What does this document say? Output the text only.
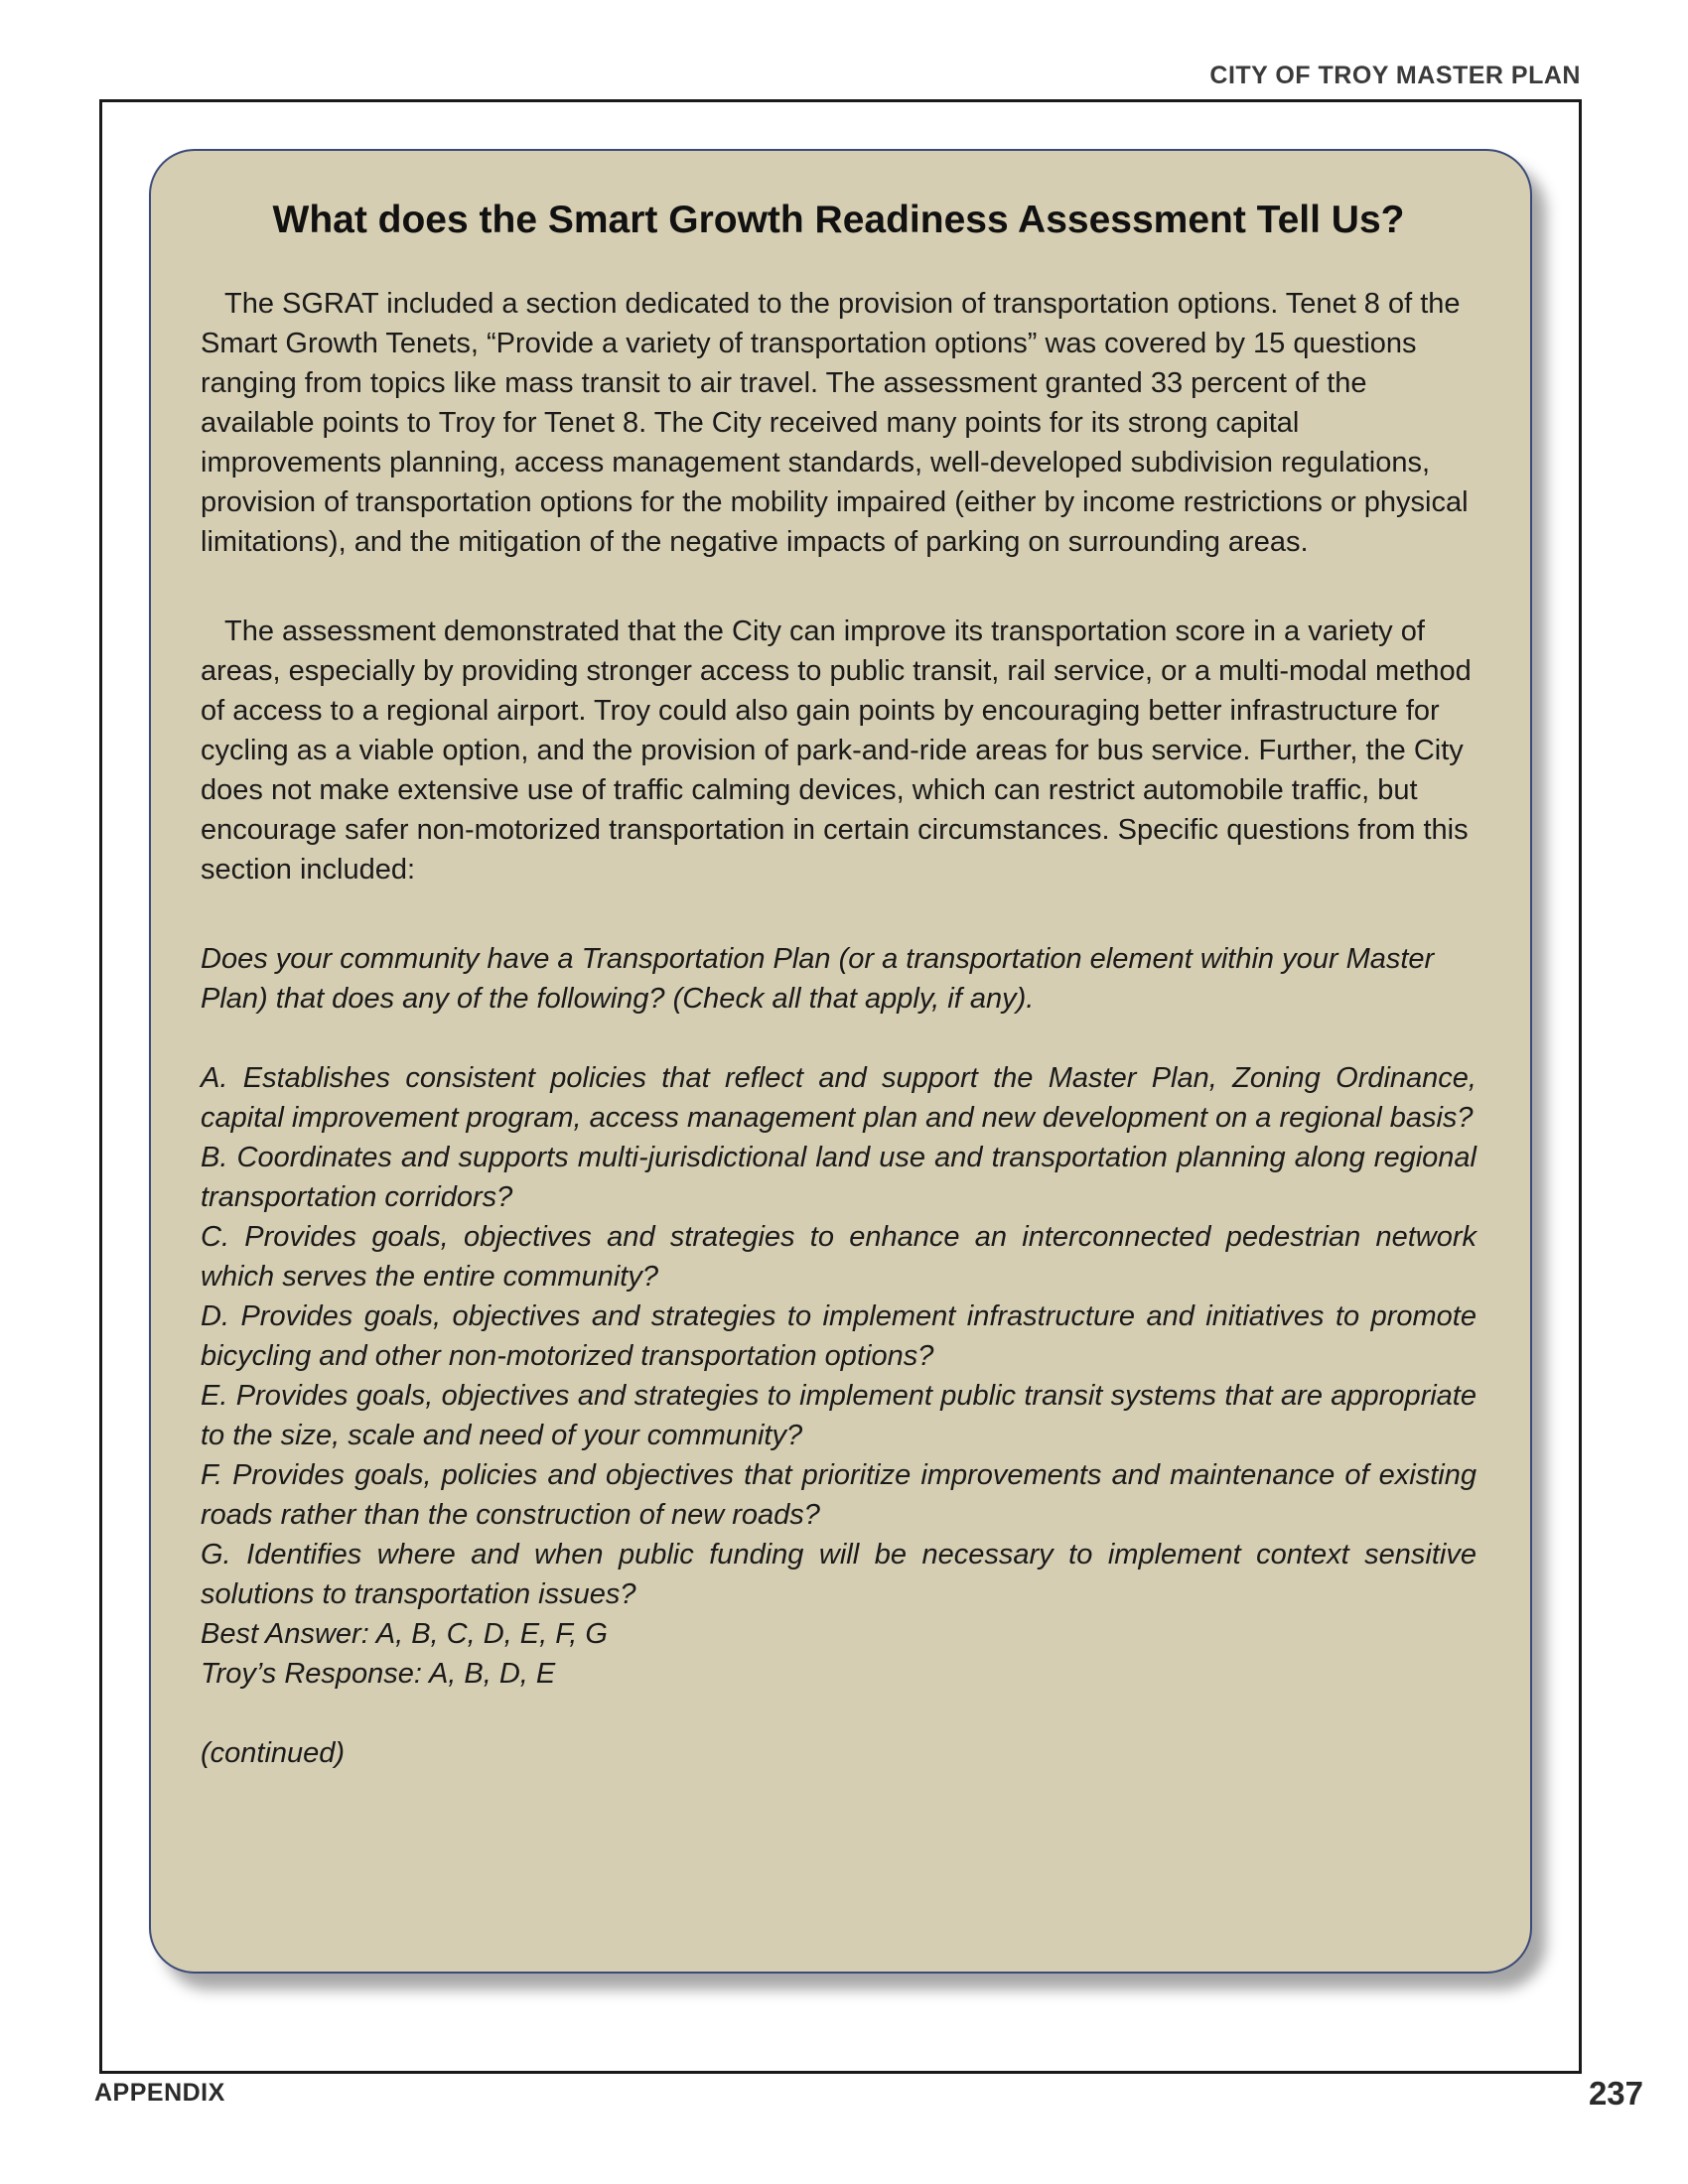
CITY OF TROY MASTER PLAN
What does the Smart Growth Readiness Assessment Tell Us?

The SGRAT included a section dedicated to the provision of transportation options. Tenet 8 of the Smart Growth Tenets, “Provide a variety of transportation options” was covered by 15 questions ranging from topics like mass transit to air travel. The assessment granted 33 percent of the available points to Troy for Tenet 8. The City received many points for its strong capital improvements planning, access management standards, well-developed subdivision regulations, provision of transportation options for the mobility impaired (either by income restrictions or physical limitations), and the mitigation of the negative impacts of parking on surrounding areas.

The assessment demonstrated that the City can improve its transportation score in a variety of areas, especially by providing stronger access to public transit, rail service, or a multi-modal method of access to a regional airport. Troy could also gain points by encouraging better infrastructure for cycling as a viable option, and the provision of park-and-ride areas for bus service. Further, the City does not make extensive use of traffic calming devices, which can restrict automobile traffic, but encourage safer non-motorized transportation in certain circumstances. Specific questions from this section included:

Does your community have a Transportation Plan (or a transportation element within your Master Plan) that does any of the following? (Check all that apply, if any).

A. Establishes consistent policies that reflect and support the Master Plan, Zoning Ordinance, capital improvement program, access management plan and new development on a regional basis?

B. Coordinates and supports multi-jurisdictional land use and transportation planning along regional transportation corridors?

C. Provides goals, objectives and strategies to enhance an interconnected pedestrian network which serves the entire community?

D. Provides goals, objectives and strategies to implement infrastructure and initiatives to promote bicycling and other non-motorized transportation options?

E. Provides goals, objectives and strategies to implement public transit systems that are appropriate to the size, scale and need of your community?

F. Provides goals, policies and objectives that prioritize improvements and maintenance of existing roads rather than the construction of new roads?

G. Identifies where and when public funding will be necessary to implement context sensitive solutions to transportation issues?

Best Answer: A, B, C, D, E, F, G

Troy’s Response: A, B, D, E

(continued)

APPENDIX	237
